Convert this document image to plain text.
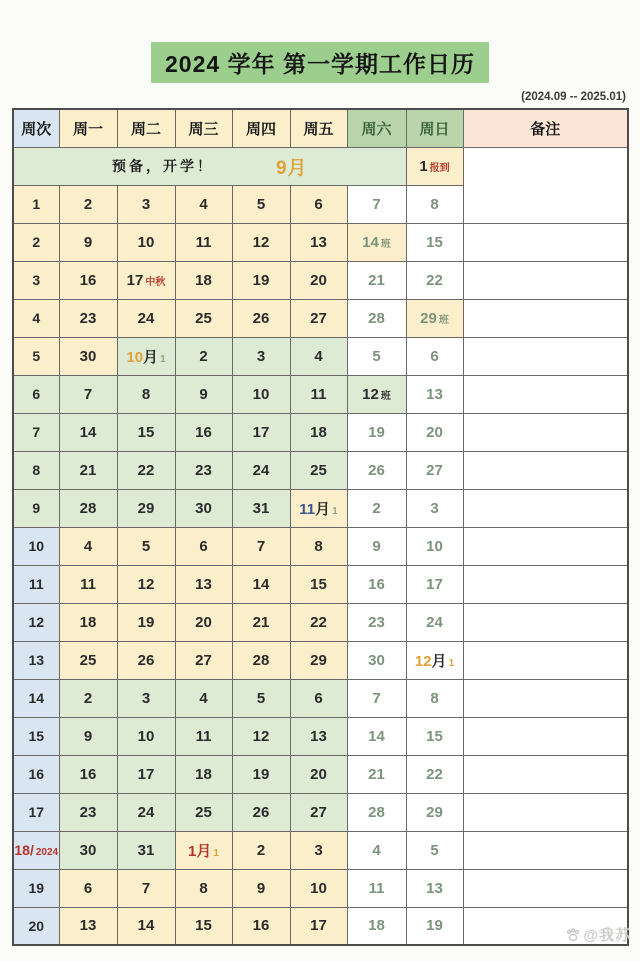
2024 学年 第一学期工作日历
(2024.09 -- 2025.01)
周次	周一	周二	周三	周四	周五	周六	周日	备注

预备，开学！ 9月							1 报到	
1	2	3	4	5	6	7	8	
2	9	10	11	12	13	14 班	15	
3	16	17 中秋	18	19	20	21	22	
4	23	24	25	26	27	28	29 班	
5	30	10月 1	2	3	4	5	6	
6	7	8	9	10	11	12 班	13	
7	14	15	16	17	18	19	20	
8	21	22	23	24	25	26	27	
9	28	29	30	31	11月 1	2	3	
10	4	5	6	7	8	9	10	
11	11	12	13	14	15	16	17	
12	18	19	20	21	22	23	24	
13	25	26	27	28	29	30	12月 1	
14	2	3	4	5	6	7	8	
15	9	10	11	12	13	14	15	
16	16	17	18	19	20	21	22	
17	23	24	25	26	27	28	29	
18/ 2024	30	31	1月 1	2	3	4	5	
19	6	7	8	9	10	11	13	
20	13	14	15	16	17	18	19	
@我苏
